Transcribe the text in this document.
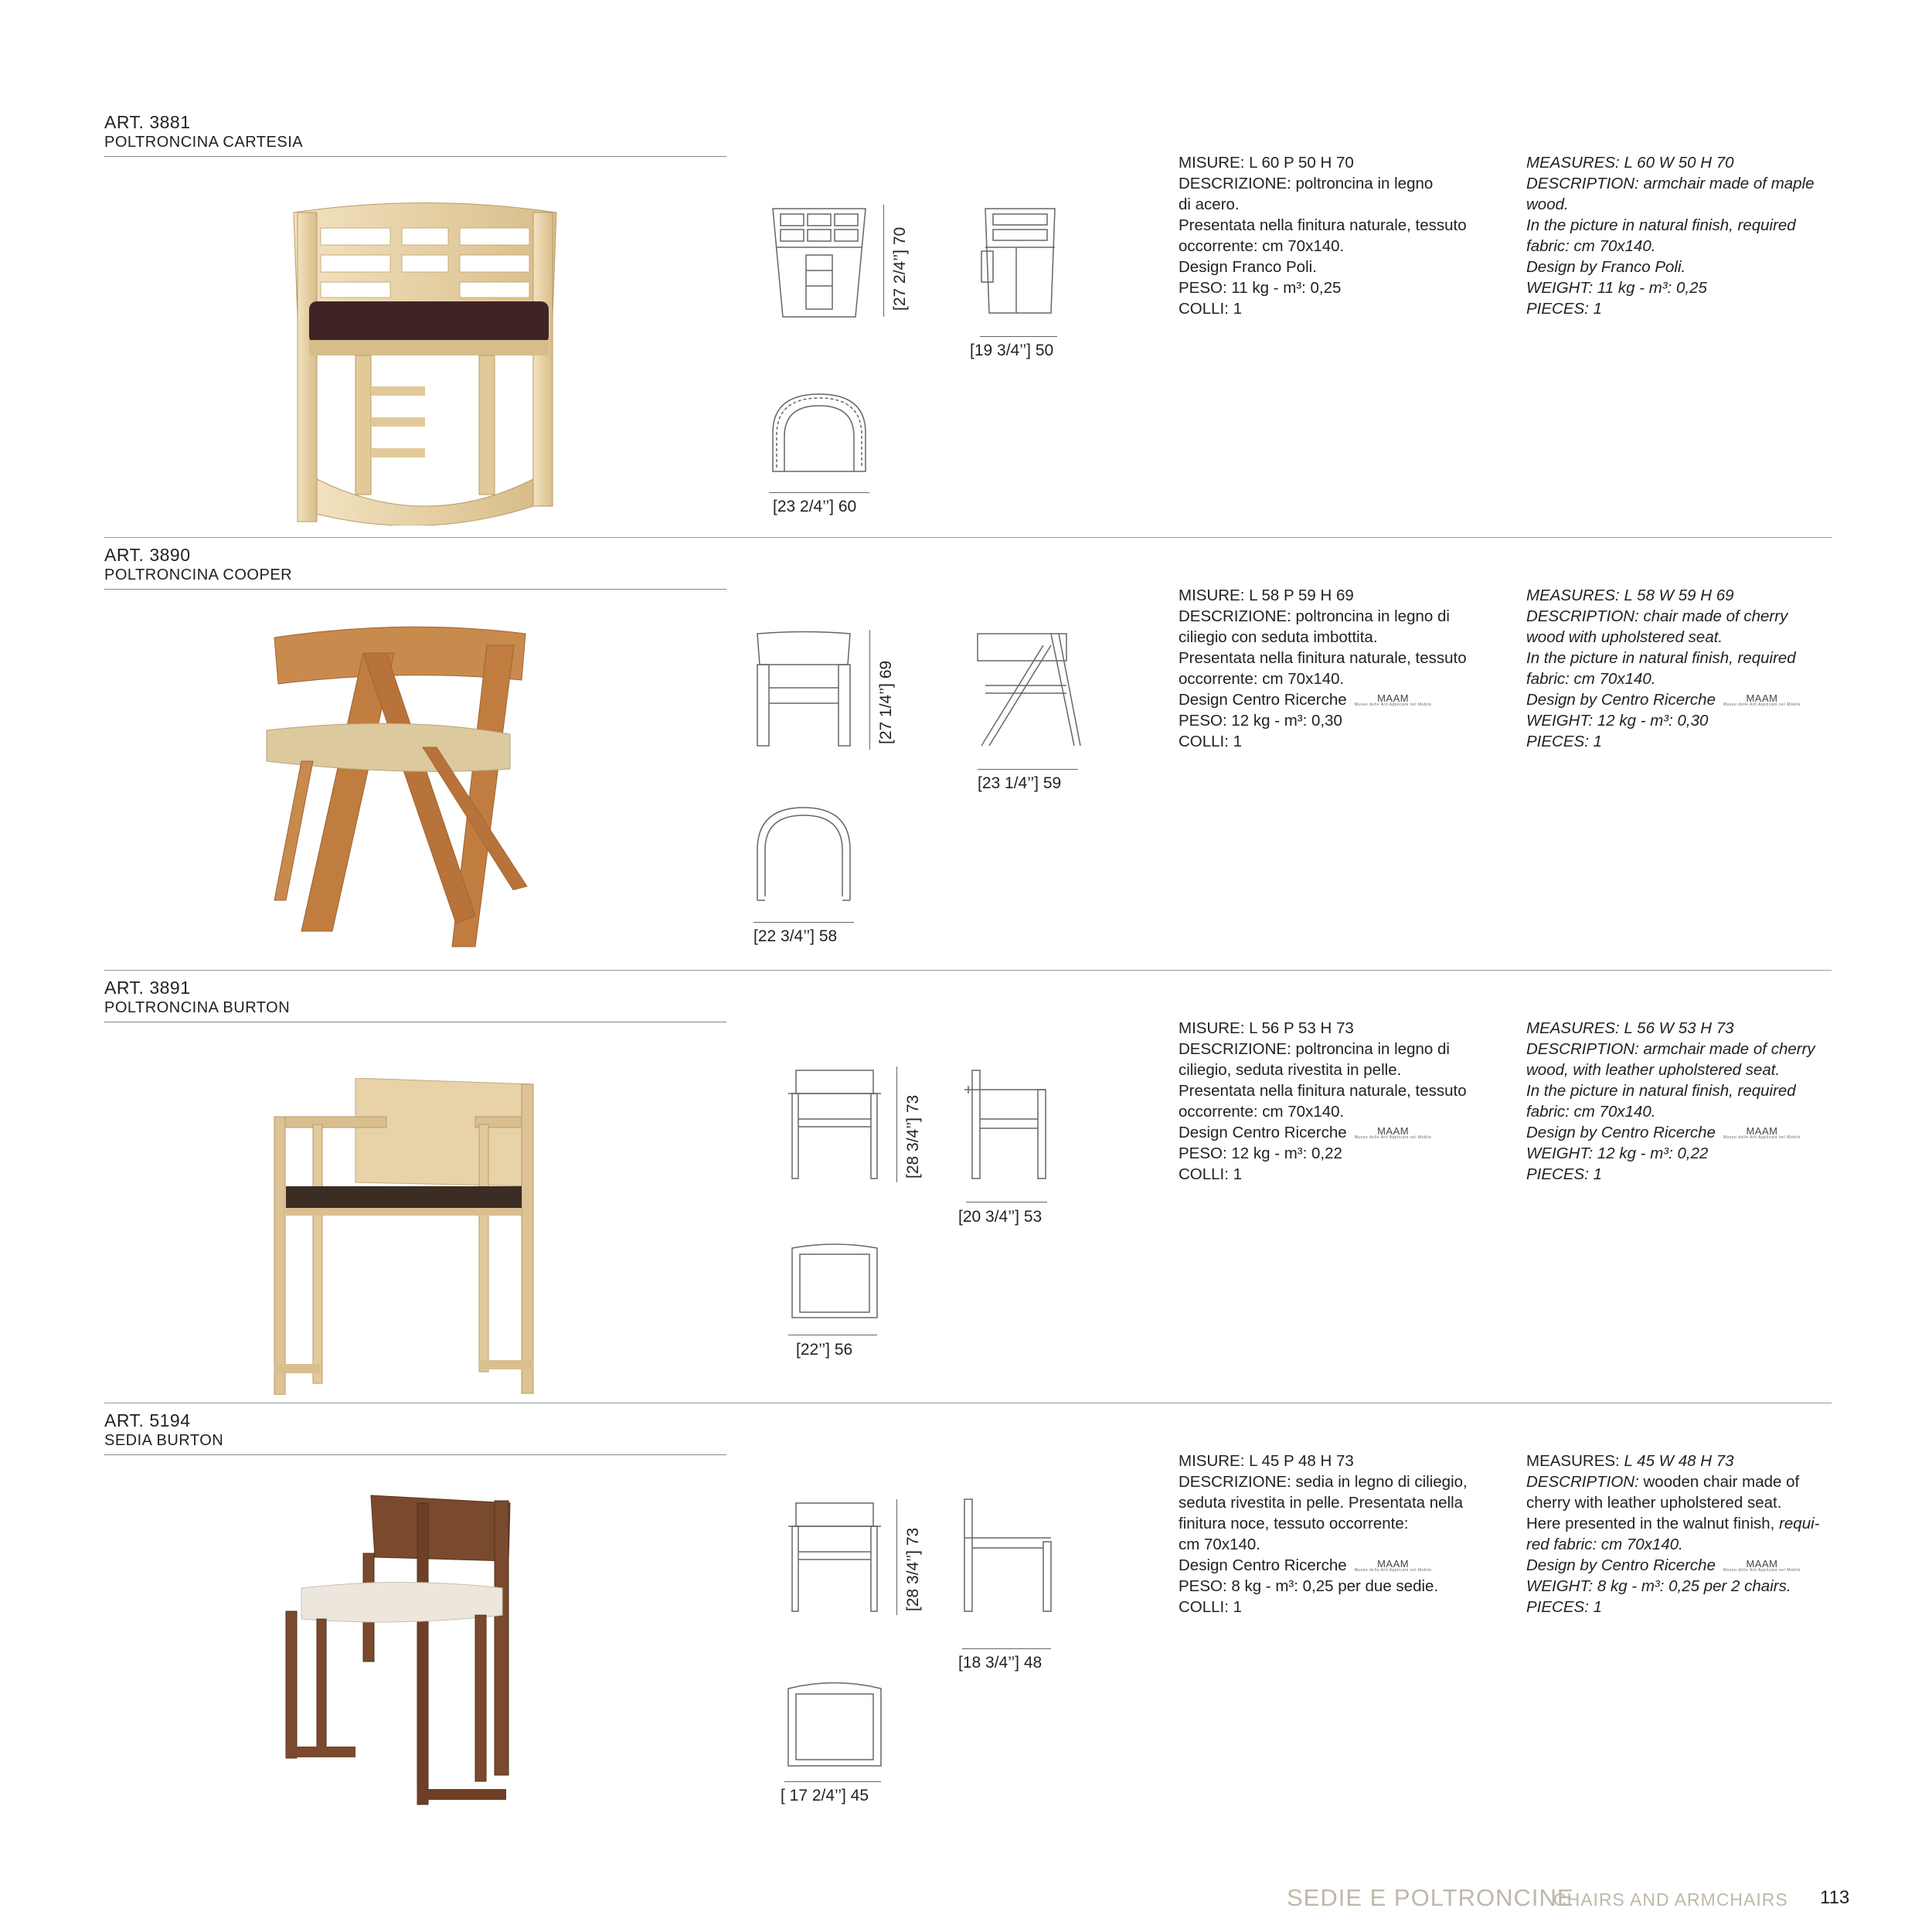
ART. 3881
POLTRONCINA CARTESIA
[27 2/4’’] 70
[19 3/4’’] 50
[23 2/4’’] 60

MISURE: L 60 P 50 H 70

DESCRIZIONE: poltroncina in legno

di acero.

Presentata nella finitura naturale, tessuto

occorrente: cm 70x140.

Design Franco Poli.

PESO: 11 kg - m³: 0,25

COLLI: 1

MEASURES: L 60 W 50 H 70

DESCRIPTION: armchair made of maple

wood.

In the picture in natural finish, required

fabric: cm 70x140.

Design by Franco Poli.

WEIGHT: 11 kg - m³: 0,25

PIECES: 1

ART. 3890
POLTRONCINA COOPER
[27 1/4’’] 69
[23 1/4’’] 59
[22 3/4’’] 58

MISURE: L 58 P 59 H 69

DESCRIZIONE: poltroncina in legno di

ciliegio con seduta imbottita.

Presentata nella finitura naturale, tessuto

occorrente: cm 70x140.

Design Centro Ricerche	MAAM
Museo delle Arti Applicate nel Mobile

PESO: 12 kg - m³: 0,30

COLLI: 1

MEASURES: L 58 W 59 H 69

DESCRIPTION: chair made of cherry

wood with upholstered seat.

In the picture in natural finish, required

fabric: cm 70x140.

Design by Centro Ricerche	MAAM
Museo delle Arti Applicate nel Mobile

WEIGHT: 12 kg - m³: 0,30

PIECES: 1

ART. 3891
POLTRONCINA BURTON
[28 3/4’’] 73
[20 3/4’’] 53
[22’’] 56

MISURE: L 56 P 53 H 73

DESCRIZIONE: poltroncina in legno di

ciliegio, seduta rivestita in pelle.

Presentata nella finitura naturale, tessuto

occorrente: cm 70x140.

Design Centro Ricerche	MAAM
Museo delle Arti Applicate nel Mobile

PESO: 12 kg - m³: 0,22

COLLI: 1

MEASURES: L 56 W 53 H 73

DESCRIPTION: armchair made of cherry

wood, with leather upholstered seat.

In the picture in natural finish, required

fabric: cm 70x140.

Design by Centro Ricerche	MAAM
Museo delle Arti Applicate nel Mobile

WEIGHT: 12 kg - m³: 0,22

PIECES: 1

ART. 5194
SEDIA BURTON
[28 3/4’’] 73
[18 3/4’’] 48
[ 17 2/4’’] 45

MISURE: L 45 P 48 H 73

DESCRIZIONE: sedia in legno di ciliegio,

seduta rivestita in pelle. Presentata nella

finitura noce, tessuto occorrente:

cm 70x140.

Design Centro Ricerche	MAAM
Museo delle Arti Applicate nel Mobile

PESO: 8 kg - m³: 0,25 per due sedie.

COLLI: 1

MEASURES: L 45 W 48 H 73

DESCRIPTION: wooden chair made of

cherry with leather upholstered seat.

Here presented in the walnut finish, requi-

red fabric: cm 70x140.

Design by Centro Ricerche	MAAM
Museo delle Arti Applicate nel Mobile

WEIGHT: 8 kg - m³: 0,25 per 2 chairs.

PIECES: 1

SEDIE E POLTRONCINE
CHAIRS AND ARMCHAIRS 113
